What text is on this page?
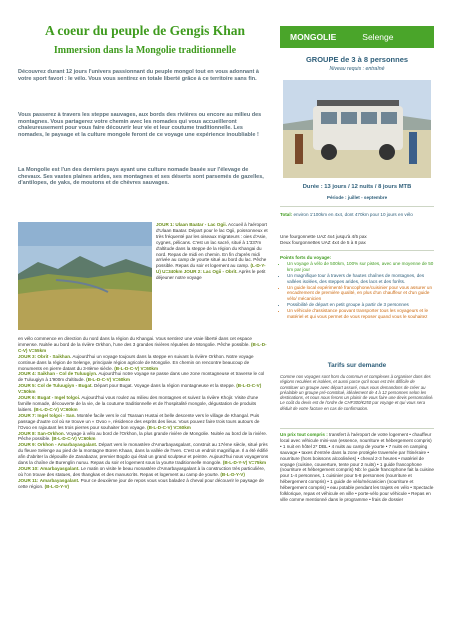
A coeur du peuple de Gengis Khan
Immersion dans la Mongolie traditionnelle

Découvrez durant 12 jours l'univers passionnant du peuple mongol tout en vous adonnant à votre sport favori : le vélo. Vous vous sentirez en totale liberté grâce à ce territoire sans fin.

Vous passerez à travers les steppe sauvages, aux bords des rivières ou encore au milieu des montagnes. Vous partagerez votre chemin avec les nomades qui vous accueilleront chaleureusement pour vous faire découvrir leur vie et leur coutume traditionnelle. Les nomades, le paysage et la culture mongole feront de ce voyage une expérience inoubliable !

La Mongolie est l'un des derniers pays ayant une culture nomade basée sur l'élevage de chevaux. Ses vastes plaines arides, ses montagnes et ses déserts sont parsemés de gazelles, d'antilopes, de yaks, de moutons et de chèvres sauvages.

JOUR 1: Ulaan Baatar - Lac Ogii. Accueil à l'aéroport d'Ulaan Baatar. Départ pour le lac Ogii, poissonneux et très fréquenté par les oiseaux migrateurs : oies d'Asie, cygnes, pélicans. C'est un lac sacré, situé à 1'337m d'altitude dans la steppe de la région du Khangai du nord. Repas de midi en chemin. En fin d'après midi arrivée au camp de yourte situé au bord du lac. Pêche possible. Repas du soir et logement au camp. (L-D-Y-U) U=340km JOUR 2: Lac Ogii - Obrit. Après le petit déjeuner notre voyage

en vélo commence en direction du nord dans la région du Khangai. Vous sentirez une vraie liberté dans cet espace immense. Nuitée au bord de la rivière Orkhon, l'une des 3 grandes rivières réputées de Mongolie. Pêche possible. (B-L-D-C-V) V=55km
JOUR 3: Obrit - Saikhan. Aujourd'hui un voyage toujours dans la steppe en suivant la rivière Orkhon. Notre voyage continue dans la région de Selenge, principale région agricole de Mongolie. En chemin on rencontre beaucoup de monuments en pierre datant du 3-8ème siècle. (B-L-D-C-V) V=60km
JOUR 4: Saikhan - Col de Tuluugiyn. Aujourd'hui notre voyage se passe dans une zone montagneuse et traverse le col de Tuluugiyn à 1'900m d'altitude. (B-L-D-C-V) V=60km
JOUR 5: Col de Tuluugiyn - Bugat. Départ pour Bugat. Voyage dans la région montagneuse et la steppe. (B-L-D-C-V) V=50km
JOUR 6: Bugat - Ingel tolgoi. Aujourd'hui vous roulez au milieu des montagnes et suivez la rivière Khojir. Visite d'une famille nomade, découverte de la vie, de la coutume traditionnelle et de l'hospitalité mongole, dégustation de produits laitiers. (B-L-D-C-V) V=60km
JOUR 7: Ingel tolgoi - San. Montée facile vers le col Tsaraan Hustai et belle descente vers le village de Khangal. Puis passage d'autre col où se trouve un « Ovoo », résidence des esprits des lieux. Vous pouvez faire trois tours autours de l'Ovoo en rajoutant les trois pierres pour souhaiter bon voyage. (B-L-D-C-V) V=60km
JOUR 8: San-Orkhon. Voyage à vélo au bord de l'Orkhon, la plus grande rivière de Mongolie. Nuitée au bord de la rivière. Pêche possible. (B-L-D-C-V) V=60km
JOUR 9: Orkhon - Amarbayasgalant. Départ vers le monastère d'Amarbayasgalant, construit au 17ème siècle, situé près du fleuve Selenge au pied de la montagne Büren Khaan, dans la vallée de l'Iven. C'est un endroit magnifique. Il a été édifié afin d'abriter la dépouille de Zanabazar, premier Bogdo qui était un grand sculpteur et peintre. Aujourd'hui nous voyagerons dans la chaîne de Burenglin nuruu. Repas du soir et logement sous la yourte traditionnelle mongole. (B-L-D-Y-V) V=75km
JOUR 10: Amarbayasgalant. Le matin on visite le beau monastère d'Amarbayasgalant à la construction très particulière, où l'on trouve des statues, des thangkas et des manuscrits. Repas et logement au camp de yourte. (B-L-D-Y-V)
JOUR 11: Amarbayasgalant. Pour ce deuxième jour de repos vous vous baladez à cheval pour découvrir le paysage de cette région. (B-L-D-Y-V)

MONGOLIE	Selenge
GROUPE de 3 à 8 personnes
Niveau requis : entraîné
Durée : 13 jours / 12 nuits / 8 jours MTB
Période : juillet - septembre

Total: environ 1'100km en 4x4, dont 470km pour 10 jours en vélo

Une fourgonnette UAZ 4x4 jusqu'à 4/5 pax
Deux fourgonnettes UAZ 4x4 de 5 à 8 pax

Points forts du voyage:
• Un voyage à vélo de 500km, 100% sur pistes, avec une moyenne de 50 km par jour
• Un magnifique tour à travers de hautes chaînes de montagnes, des vallées isolées, des steppes arides, des lacs et des forêts.
• Un guide local expérimenté francophone/cuisinier pour vous assurer un encadrement de première qualité, en plus d'un chauffeur et d'un guide vélo/ mécanicien
• Possibilité de départ en petit groupe à partir de 3 personnes
• Un véhicule d'assistance pouvant transporter tous les voyageurs et le matériel et qui vous permet de vous reposer quand vous le souhaitez
Tarifs sur demande

Comme nos voyages sont hors du commun et complexes à organiser dans des régions reculées et isolées, et aussi parce qu'il nous est très difficile de constituer un groupe avec départ assuré, nous vous demandons de créer au préalable un groupe pré-constitué, idéalement de 4 à 12 personnes selon les destinations, et nous nous ferons un plaisir de vous faire une devis personnalisé. Le coût du devis est de l'ordre de CHF300/€250 par voyage et qui vous sera déduit de votre facture en cas de confirmation.

Un prix tout compris : transfert à l'aéroport de votre logement • chauffeur local avec véhicule mini-van (essence, nourriture et hébergement compris) • 1 nuit en hôtel 2* DBL • 4 nuits au camp de yourte • 7 nuits en camping sauvage • taxes d'entrée dans la zone protégée traversée par l'itinéraire • nourriture (hors boissons alcoolisées) • cheval 2-3 heures • matériel de voyage (cuisine, couverture, tente pour 2 nuits) • 1 guide francophone (nourriture et hébergement compris) Nb: le guide francophone fait la cuisine pour 1-4 personnes, 1 cuisinier pour 5-8 personnes (nourriture et hébergement compris) • 1 guide de vélo/mécanicien (nourriture et hébergement compris) • eau potable pendant les trajets en vélo • Spectacle folklorique, repas et véhicule en ville • porte-vélo pour véhicule • Repas en ville comme mentionné dans le programme • frais de dossier
